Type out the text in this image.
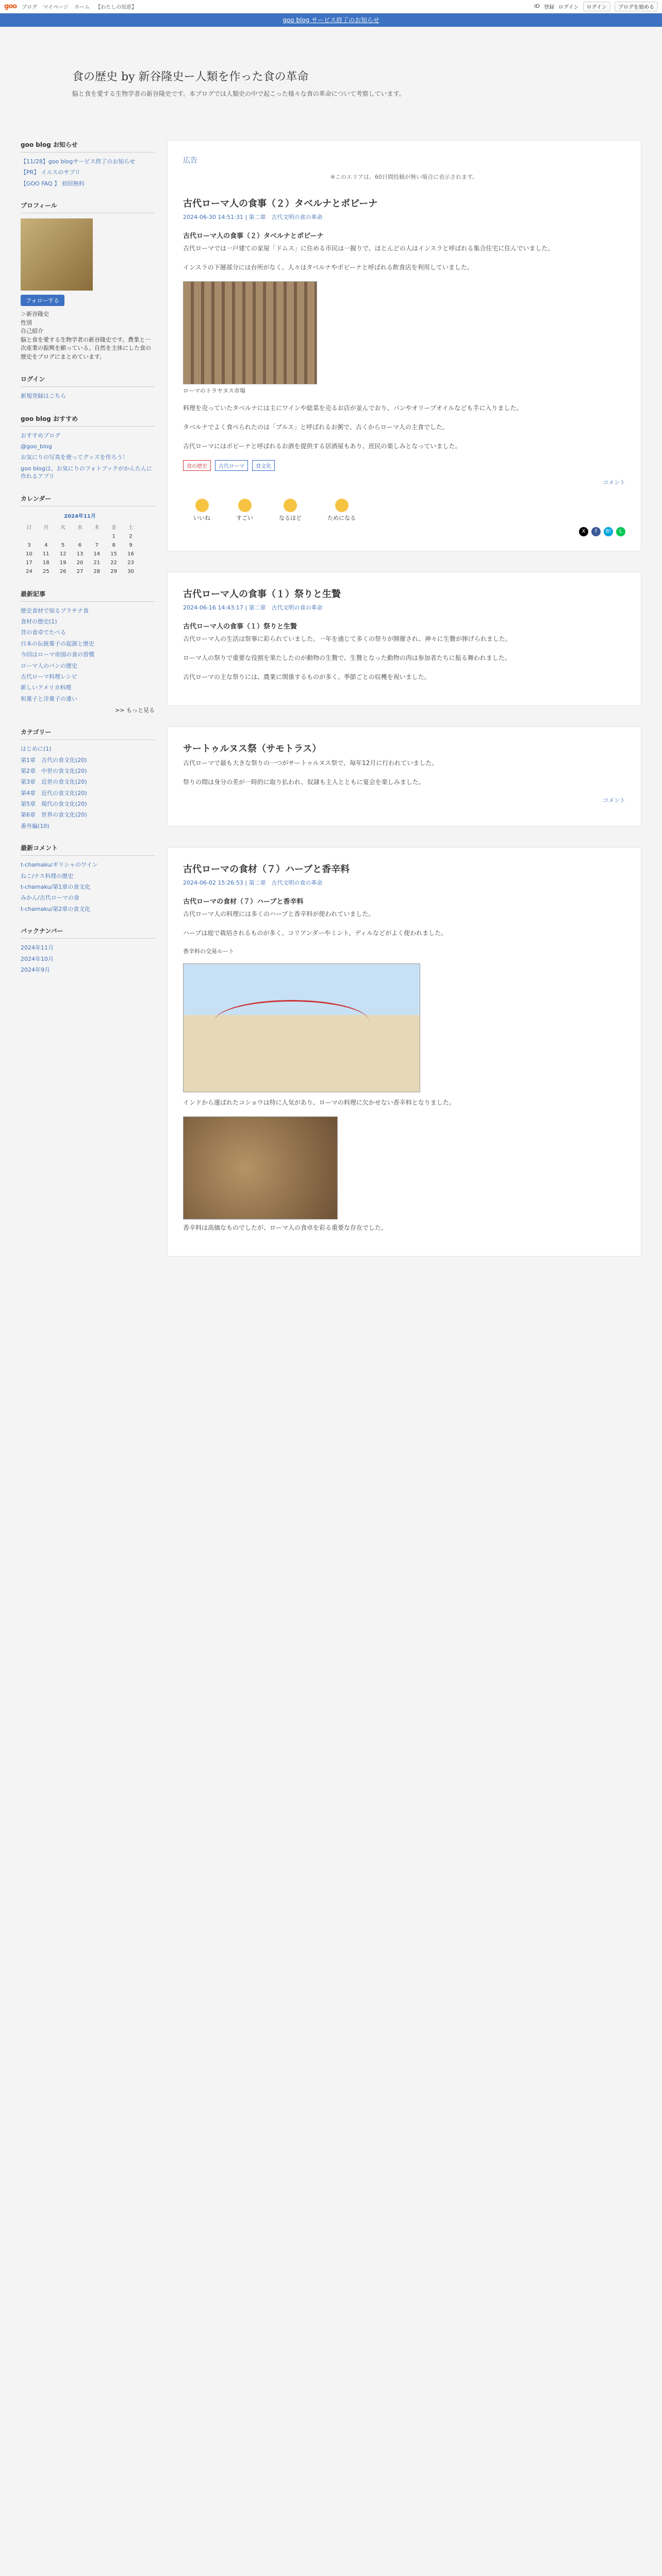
goo ブログ マイページ ホーム 【わたしの知恵】	ID 登録 ログイン	ログイン	ブログを始める
goo blog サービス終了のお知らせ
食の歴史 by 新谷隆史ー人類を作った食の革命
脳と食を愛する生物学者の新谷隆史です。本ブログでは人類史の中で起こった様々な食の革命について考察しています。
goo blog お知らせ
【11/28】goo blogサービス終了のお知らせ
【PR】 イエスのサプリ
【GOO FAQ 】 初回無料
プロフィール
フォローする
＞新谷隆史
性別
自己紹介
脳と食を愛する生物学者の新谷隆史です。農業と一次産業の振興を願っている。自然を主体にした食の歴史をブログにまとめています。
ログイン
新規登録はこちら
goo blog おすすめ
おすすめブログ
@goo_blog
お気にりの写真を使ってグッズを作ろう！
goo blogは、お気にりのフォトブックがかんたんに作れるアプリ
カレンダー
2024年11月
日	月	火	水	木	金	土
					1	2
3	4	5	6	7	8	9
10	11	12	13	14	15	16
17	18	19	20	21	22	23
24	25	26	27	28	29	30
最新記事
歴史食材で知るプラチナ食
食材の歴史(1)
昔の食卓でたべる
日本の伝統菓子の起源と歴史
今回はローマ帝国の食の習慣
ローマ人のパンの歴史
古代ローマ料理レシピ
新しいアメリカ料理
和菓子と洋菓子の違い
>> もっと見る
カテゴリー
はじめに(1)
第1章　古代の食文化(20)
第2章　中世の食文化(20)
第3章　近世の食文化(20)
第4章　近代の食文化(20)
第5章　現代の食文化(20)
第6章　世界の食文化(20)
番外編(10)
最新コメント
t-chamaku/ギリシャのワイン
ねこ/ナス料理の歴史
t-chamaku/第1章の食文化
みかん/古代ローマの食
t-chamaku/第2章の食文化
バックナンバー
2024年11月
2024年10月
2024年9月
広告
※このエリアは、60日間投稿が無い場合に表示されます。
古代ローマ人の食事（２）タベルナとポピーナ
2024-06-30 14:51:31 | 第二章　古代文明の食の革命
古代ローマ人の食事（２）タベルナとポピーナ

古代ローマでは一戸建ての家屋「ドムス」に住める市民は一握りで、ほとんどの人はインスラと呼ばれる集合住宅に住んでいました。

インスラの下層部分には台所がなく、人々はタベルナやポピーナと呼ばれる飲食店を利用していました。

ローマのトラヤヌス市場

料理を売っていたタベルナには主にワインや総菜を売るお店が並んでおり、パンやオリーブオイルなども手に入りました。

タベルナでよく食べられたのは「プルス」と呼ばれるお粥で、古くからローマ人の主食でした。

古代ローマにはポピーナと呼ばれるお酒を提供する居酒屋もあり、庶民の楽しみとなっていました。

食の歴史	古代ローマ	食文化
コメント
いいね	すごい	なるほど	ためになる
X	f	B!	L
古代ローマ人の食事（１）祭りと生贄
2024-06-16 14:43:17 | 第二章　古代文明の食の革命
古代ローマ人の食事（１）祭りと生贄

古代ローマ人の生活は祭事に彩られていました。一年を通じて多くの祭りが開催され、神々に生贄が捧げられました。

ローマ人の祭りで重要な役割を果たしたのが動物の生贄で、生贄となった動物の肉は参加者たちに振る舞われました。

古代ローマの主な祭りには、農業に関係するものが多く、季節ごとの収穫を祝いました。

サートゥルヌス祭（サモトラス）

古代ローマで最も大きな祭りの一つがサートゥルヌス祭で、毎年12月に行われていました。

祭りの間は身分の差が一時的に取り払われ、奴隷も主人とともに宴会を楽しみました。

コメント
古代ローマの食材（７）ハーブと香辛料
2024-06-02 15:26:53 | 第二章　古代文明の食の革命
古代ローマの食材（７）ハーブと香辛料

古代ローマ人の料理には多くのハーブと香辛料が使われていました。

ハーブは庭で栽培されるものが多く、コリアンダーやミント、ディルなどがよく使われました。

香辛料の交易ルート

インドから運ばれたコショウは特に人気があり、ローマの料理に欠かせない香辛料となりました。

香辛料は高価なものでしたが、ローマ人の食卓を彩る重要な存在でした。
